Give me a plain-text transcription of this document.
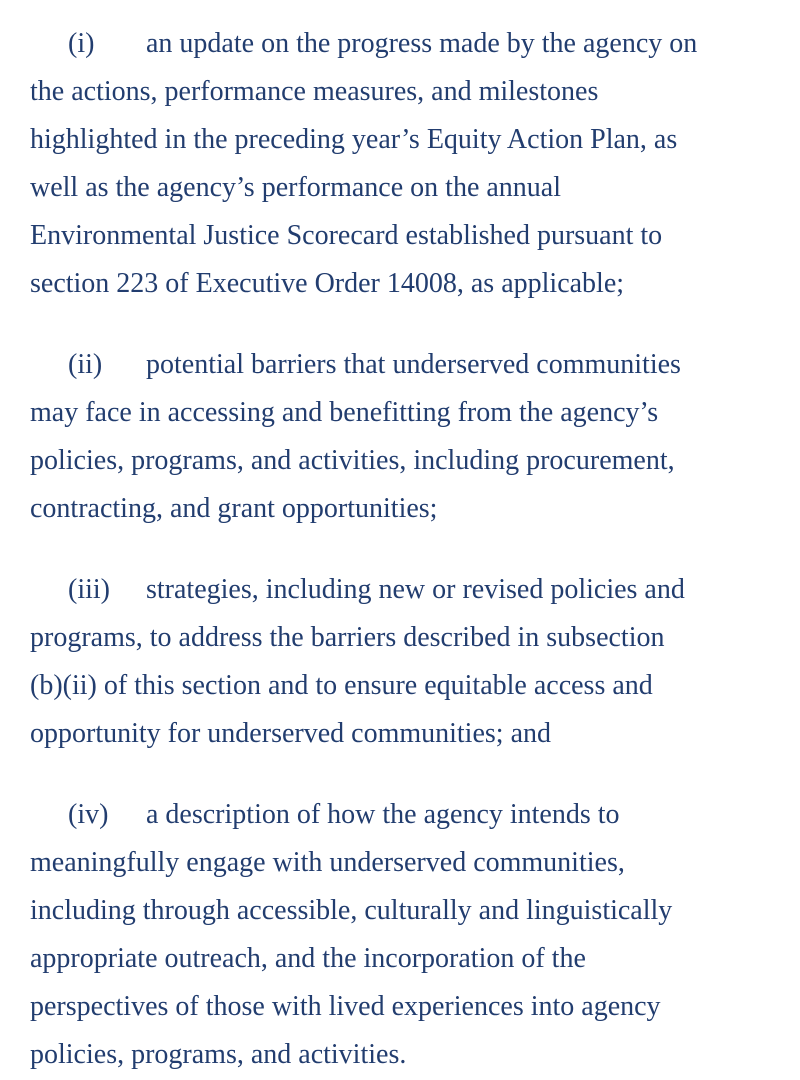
(i) an update on the progress made by the agency on
the actions, performance measures, and milestones
highlighted in the preceding year’s Equity Action Plan, as
well as the agency’s performance on the annual
Environmental Justice Scorecard established pursuant to
section 223 of Executive Order 14008, as applicable;
(ii) potential barriers that underserved communities
may face in accessing and benefitting from the agency’s
policies, programs, and activities, including procurement,
contracting, and grant opportunities;
(iii) strategies, including new or revised policies and
programs, to address the barriers described in subsection
(b)(ii) of this section and to ensure equitable access and
opportunity for underserved communities; and
(iv) a description of how the agency intends to
meaningfully engage with underserved communities,
including through accessible, culturally and linguistically
appropriate outreach, and the incorporation of the
perspectives of those with lived experiences into agency
policies, programs, and activities.
